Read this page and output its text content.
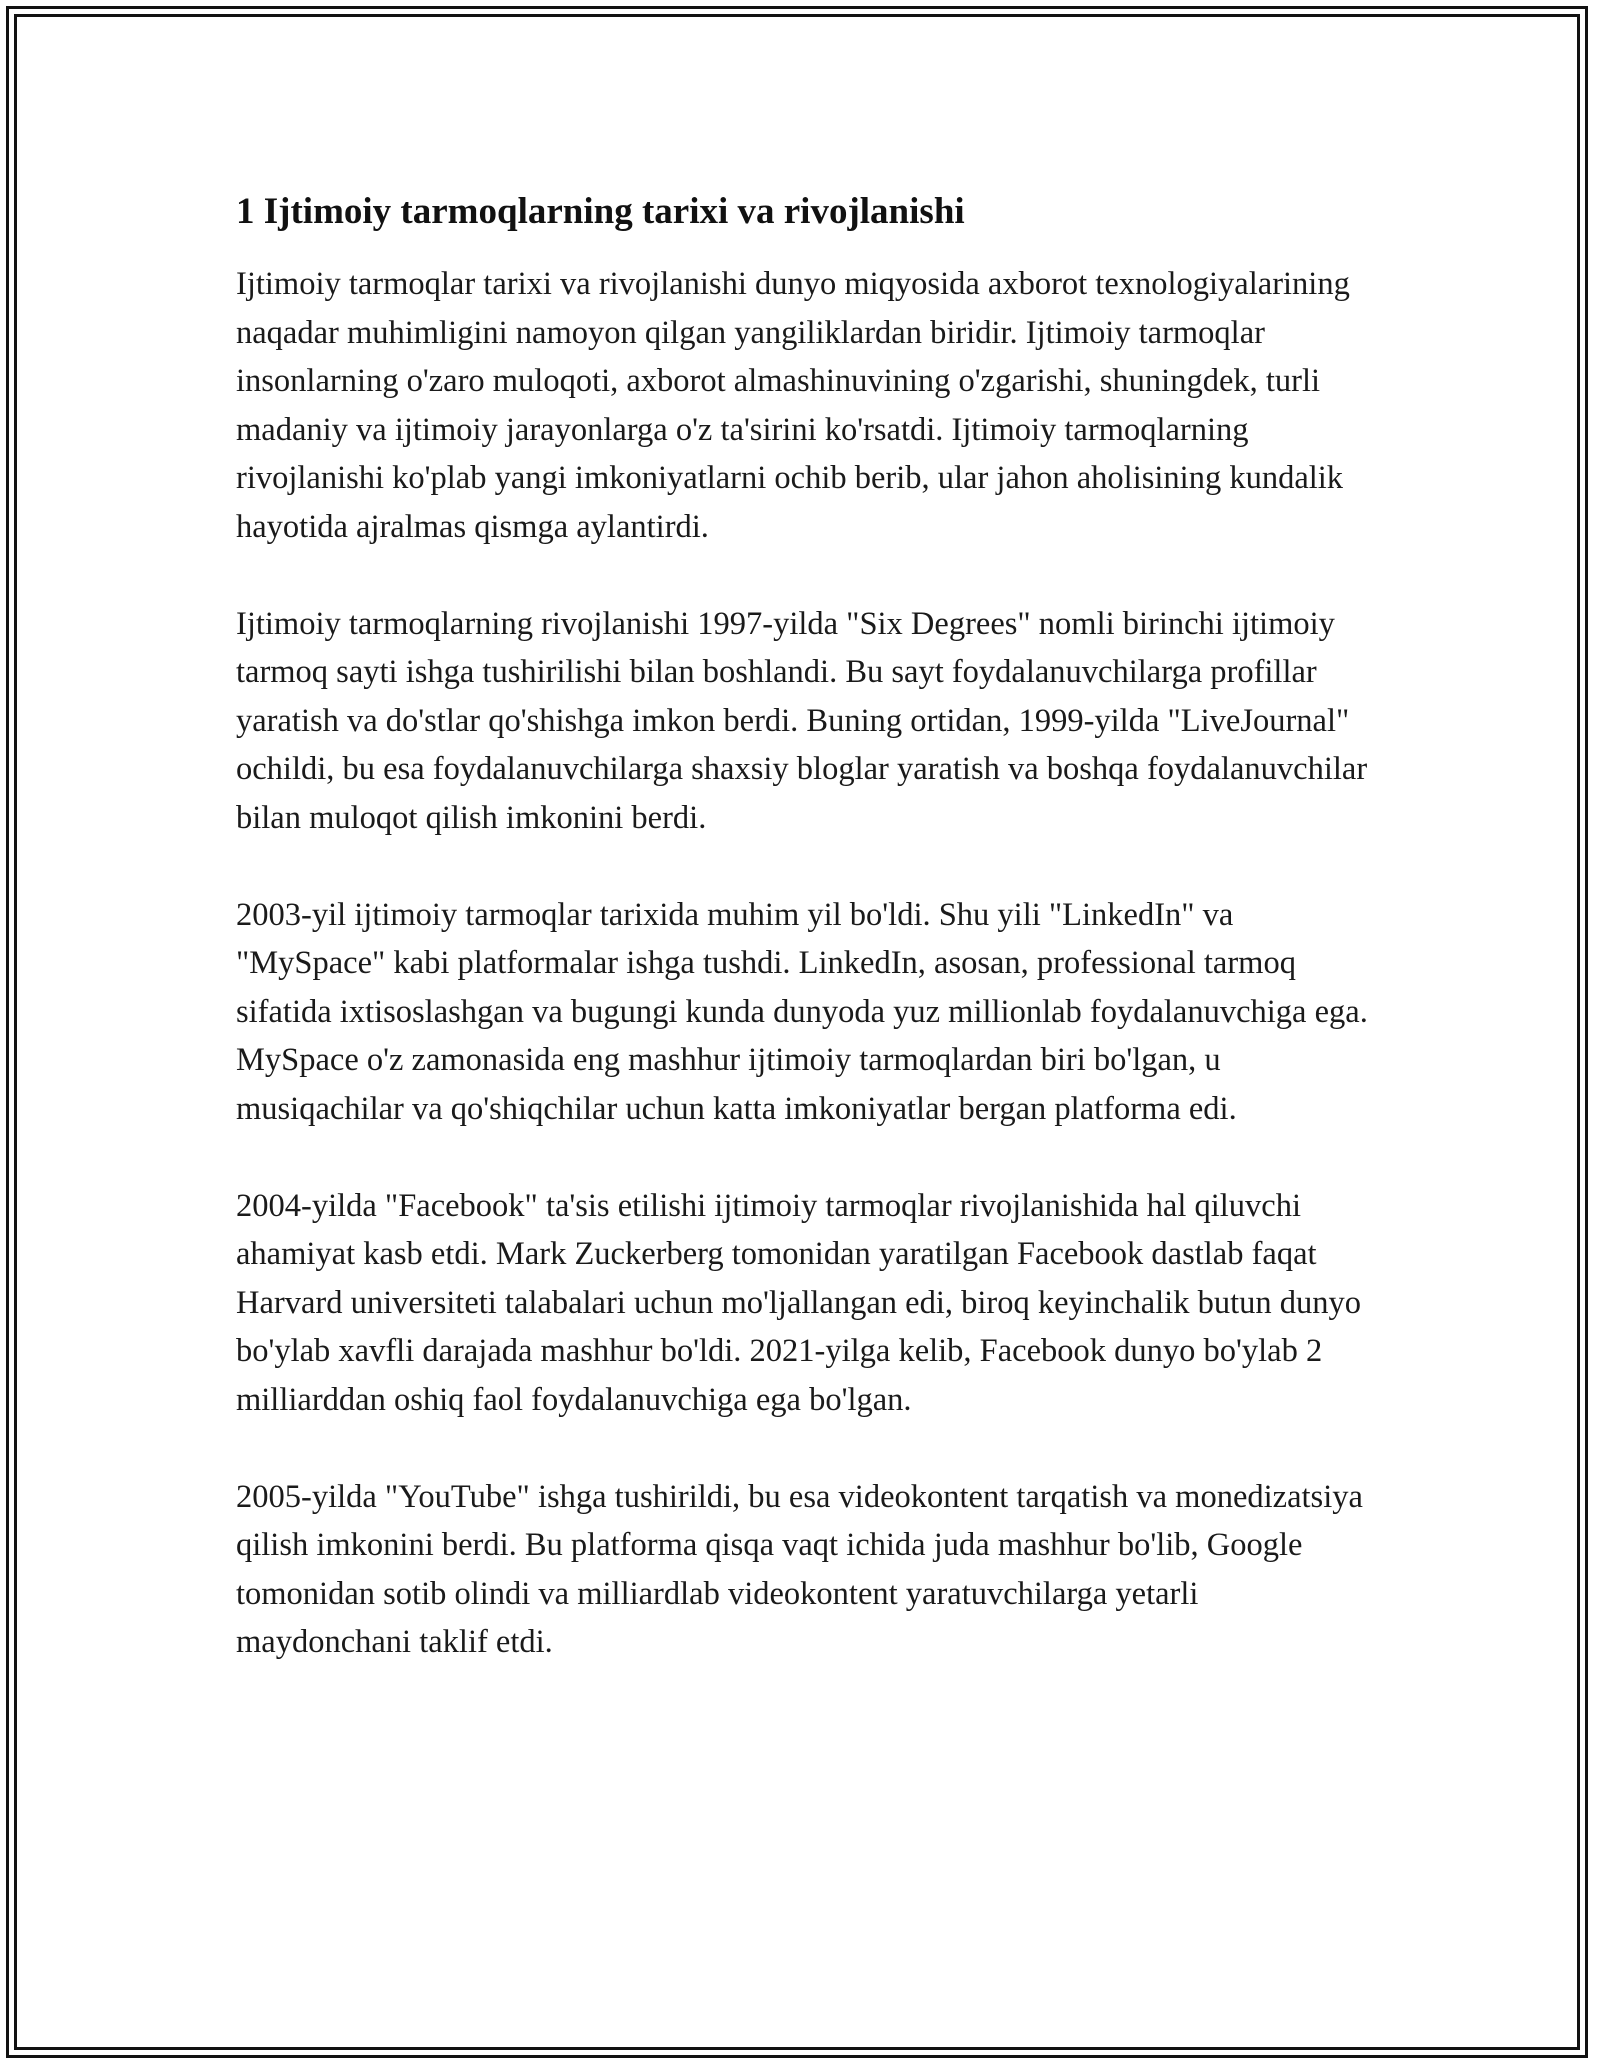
1 Ijtimoiy tarmoqlarning tarixi va rivojlanishi

Ijtimoiy tarmoqlar tarixi va rivojlanishi dunyo miqyosida axborot texnologiyalarining naqadar muhimligini namoyon qilgan yangiliklardan biridir. Ijtimoiy tarmoqlar insonlarning o'zaro muloqoti, axborot almashinuvining o'zgarishi, shuningdek, turli madaniy va ijtimoiy jarayonlarga o'z ta'sirini ko'rsatdi. Ijtimoiy tarmoqlarning rivojlanishi ko'plab yangi imkoniyatlarni ochib berib, ular jahon aholisining kundalik hayotida ajralmas qismga aylantirdi.

Ijtimoiy tarmoqlarning rivojlanishi 1997-yilda "Six Degrees" nomli birinchi ijtimoiy tarmoq sayti ishga tushirilishi bilan boshlandi. Bu sayt foydalanuvchilarga profillar yaratish va do'stlar qo'shishga imkon berdi. Buning ortidan, 1999-yilda "LiveJournal" ochildi, bu esa foydalanuvchilarga shaxsiy bloglar yaratish va boshqa foydalanuvchilar bilan muloqot qilish imkonini berdi.

2003-yil ijtimoiy tarmoqlar tarixida muhim yil bo'ldi. Shu yili "LinkedIn" va "MySpace" kabi platformalar ishga tushdi. LinkedIn, asosan, professional tarmoq sifatida ixtisoslashgan va bugungi kunda dunyoda yuz millionlab foydalanuvchiga ega. MySpace o'z zamonasida eng mashhur ijtimoiy tarmoqlardan biri bo'lgan, u musiqachilar va qo'shiqchilar uchun katta imkoniyatlar bergan platforma edi.

2004-yilda "Facebook" ta'sis etilishi ijtimoiy tarmoqlar rivojlanishida hal qiluvchi ahamiyat kasb etdi. Mark Zuckerberg tomonidan yaratilgan Facebook dastlab faqat Harvard universiteti talabalari uchun mo'ljallangan edi, biroq keyinchalik butun dunyo bo'ylab xavfli darajada mashhur bo'ldi. 2021-yilga kelib, Facebook dunyo bo'ylab 2 milliarddan oshiq faol foydalanuvchiga ega bo'lgan.

2005-yilda "YouTube" ishga tushirildi, bu esa videokontent tarqatish va monedizatsiya qilish imkonini berdi. Bu platforma qisqa vaqt ichida juda mashhur bo'lib, Google tomonidan sotib olindi va milliardlab videokontent yaratuvchilarga yetarli maydonchani taklif etdi.
